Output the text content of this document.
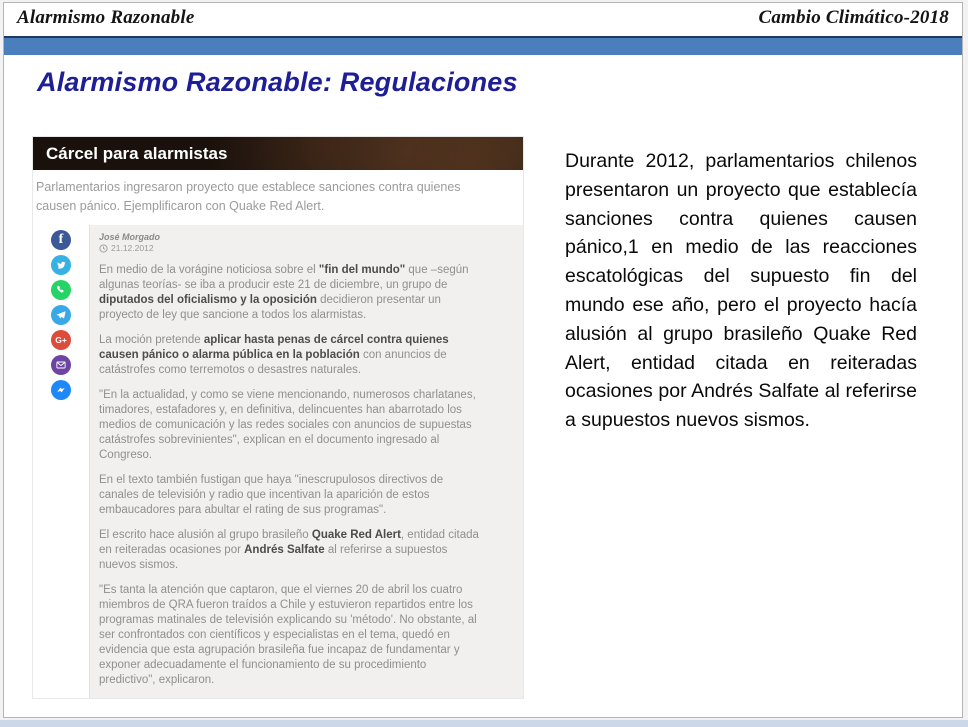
Alarmismo Razonable	Cambio Climático-2018
Alarmismo Razonable: Regulaciones
Cárcel para alarmistas
Parlamentarios ingresaron proyecto que establece sanciones contra quienes causen pánico. Ejemplificaron con Quake Red Alert.
f
G+
José Morgado
21.12.2012

En medio de la vorágine noticiosa sobre el "fin del mundo" que –según algunas teorías- se iba a producir este 21 de diciembre, un grupo de diputados del oficialismo y la oposición decidieron presentar un proyecto de ley que sancione a todos los alarmistas.

La moción pretende aplicar hasta penas de cárcel contra quienes causen pánico o alarma pública en la población con anuncios de catástrofes como terremotos o desastres naturales.

"En la actualidad, y como se viene mencionando, numerosos charlatanes, timadores, estafadores y, en definitiva, delincuentes han abarrotado los medios de comunicación y las redes sociales con anuncios de supuestas catástrofes sobrevinientes", explican en el documento ingresado al Congreso.

En el texto también fustigan que haya "inescrupulosos directivos de canales de televisión y radio que incentivan la aparición de estos embaucadores para abultar el rating de sus programas".

El escrito hace alusión al grupo brasileño Quake Red Alert, entidad citada en reiteradas ocasiones por Andrés Salfate al referirse a supuestos nuevos sismos.

"Es tanta la atención que captaron, que el viernes 20 de abril los cuatro miembros de QRA fueron traídos a Chile y estuvieron repartidos entre los programas matinales de televisión explicando su 'método'. No obstante, al ser confrontados con científicos y especialistas en el tema, quedó en evidencia que esta agrupación brasileña fue incapaz de fundamentar y exponer adecuadamente el funcionamiento de su procedimiento predictivo", explicaron.

Durante 2012, parlamentarios chilenos presentaron un proyecto que establecía sanciones contra quienes causen pánico,1 en medio de las reacciones escatológicas del supuesto fin del mundo ese año, pero el proyecto hacía alusión al grupo brasileño Quake Red Alert, entidad citada en reiteradas ocasiones por Andrés Salfate al referirse a supuestos nuevos sismos.
